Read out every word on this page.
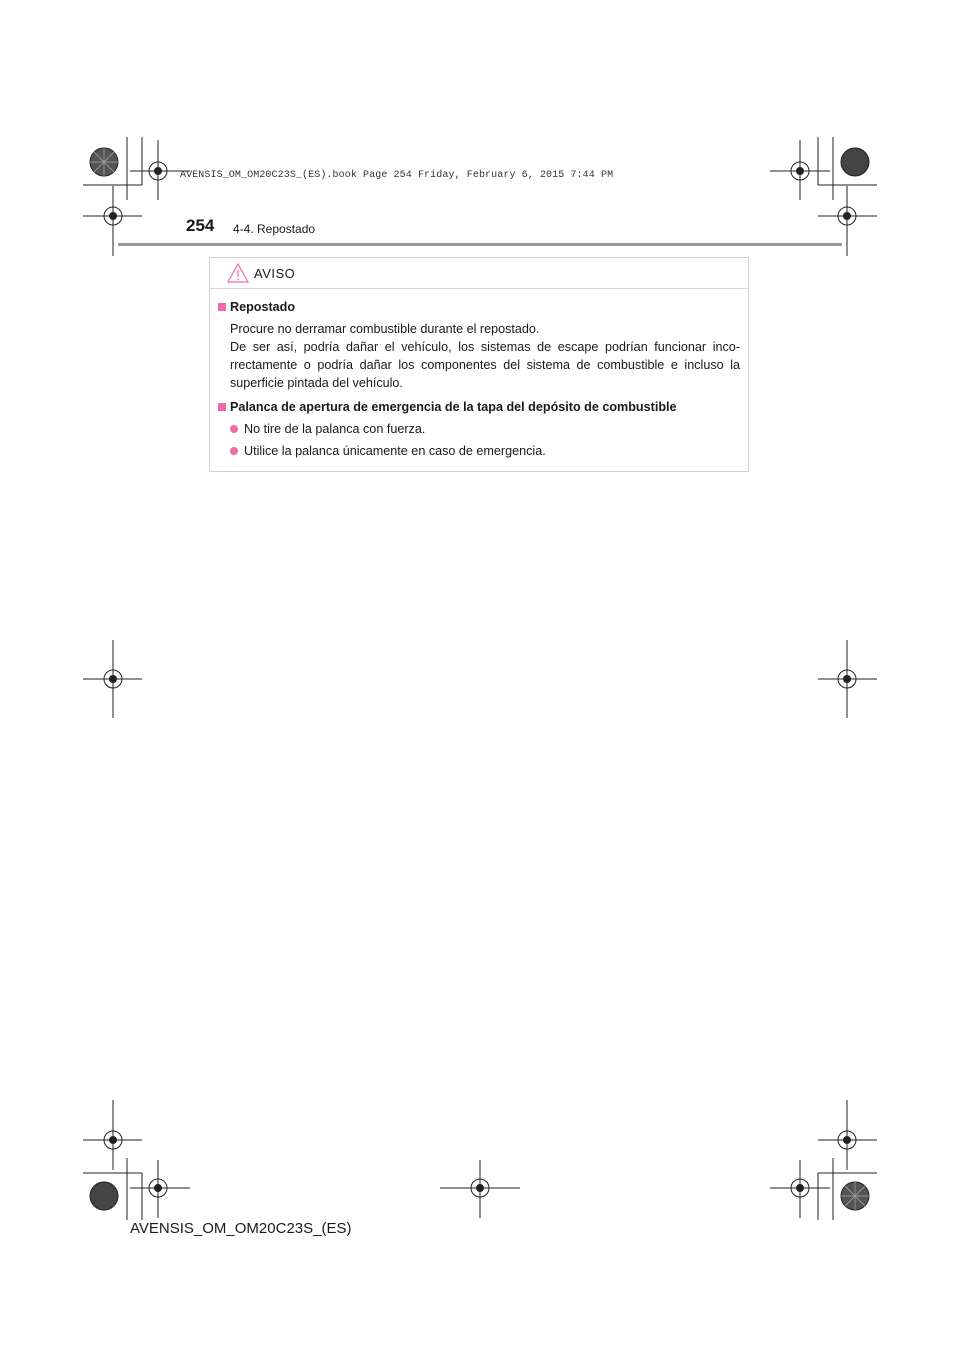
AVENSIS_OM_OM20C23S_(ES).book Page 254 Friday, February 6, 2015 7:44 PM
254 4-4. Repostado
AVISO
Repostado
Procure no derramar combustible durante el repostado.
De ser así, podría dañar el vehículo, los sistemas de escape podrían funcionar inco-rrectamente o podría dañar los componentes del sistema de combustible e incluso la superficie pintada del vehículo.
Palanca de apertura de emergencia de la tapa del depósito de combustible
No tire de la palanca con fuerza.
Utilice la palanca únicamente en caso de emergencia.
AVENSIS_OM_OM20C23S_(ES)
